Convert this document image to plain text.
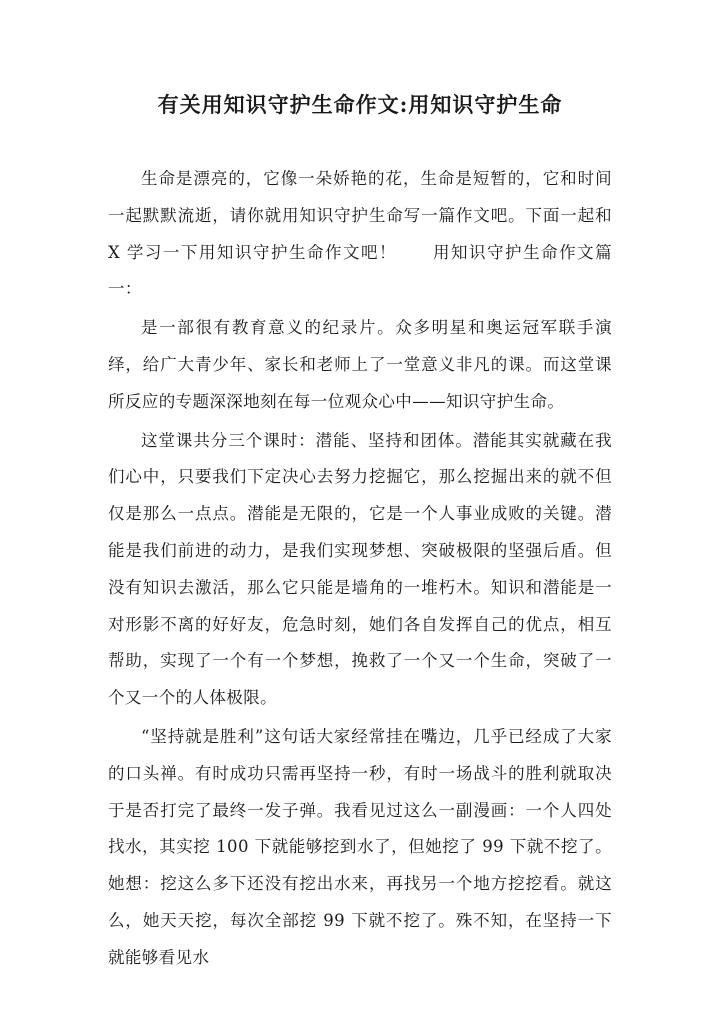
有关用知识守护生命作文:用知识守护生命

生命是漂亮的，它像一朵娇艳的花，生命是短暂的，它和时间一起默默流逝，请你就用知识守护生命写一篇作文吧。下面一起和 X 学习一下用知识守护生命作文吧！　　用知识守护生命作文篇一：

是一部很有教育意义的纪录片。众多明星和奥运冠军联手演绎，给广大青少年、家长和老师上了一堂意义非凡的课。而这堂课所反应的专题深深地刻在每一位观众心中——知识守护生命。

这堂课共分三个课时：潜能、坚持和团体。潜能其实就藏在我们心中，只要我们下定决心去努力挖掘它，那么挖掘出来的就不但仅是那么一点点。潜能是无限的，它是一个人事业成败的关键。潜能是我们前进的动力，是我们实现梦想、突破极限的坚强后盾。但没有知识去激活，那么它只能是墙角的一堆朽木。知识和潜能是一对形影不离的好好友，危急时刻，她们各自发挥自己的优点，相互帮助，实现了一个有一个梦想，挽救了一个又一个生命，突破了一个又一个的人体极限。

“坚持就是胜利”这句话大家经常挂在嘴边，几乎已经成了大家的口头禅。有时成功只需再坚持一秒，有时一场战斗的胜利就取决于是否打完了最终一发子弹。我看见过这么一副漫画：一个人四处找水，其实挖 100 下就能够挖到水了，但她挖了 99 下就不挖了。她想：挖这么多下还没有挖出水来，再找另一个地方挖挖看。就这么，她天天挖，每次全部挖 99 下就不挖了。殊不知，在坚持一下就能够看见水
